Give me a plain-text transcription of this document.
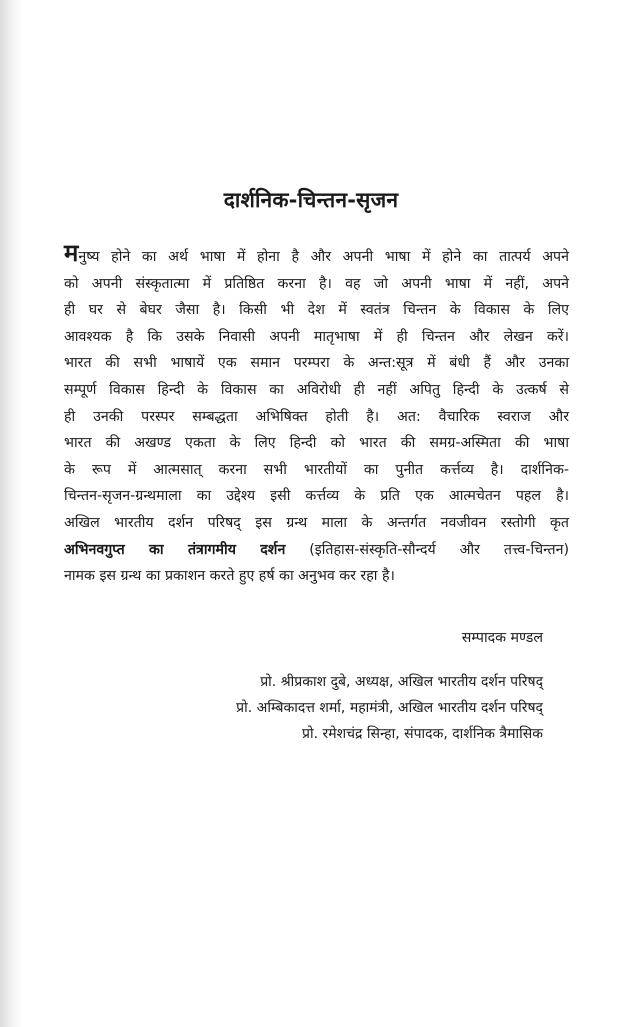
दार्शनिक-चिन्तन-सृजन
मनुष्य होने का अर्थ भाषा में होना है और अपनी भाषा में होने का तात्पर्य अपने
को अपनी संस्कृतात्मा में प्रतिष्ठित करना है। वह जो अपनी भाषा में नहीं, अपने
ही घर से बेघर जैसा है। किसी भी देश में स्वतंत्र चिन्तन के विकास के लिए
आवश्यक है कि उसके निवासी अपनी मातृभाषा में ही चिन्तन और लेखन करें।
भारत की सभी भाषायें एक समान परम्परा के अन्त:सूत्र में बंधी हैं और उनका
सम्पूर्ण विकास हिन्दी के विकास का अविरोधी ही नहीं अपितु हिन्दी के उत्कर्ष से
ही उनकी परस्पर सम्बद्धता अभिषिक्त होती है। अत: वैचारिक स्वराज और
भारत की अखण्ड एकता के लिए हिन्दी को भारत की समग्र-अस्मिता की भाषा
के रूप में आत्मसात् करना सभी भारतीयों का पुनीत कर्त्तव्य है। दार्शनिक-
चिन्तन-सृजन-ग्रन्थमाला का उद्देश्य इसी कर्त्तव्य के प्रति एक आत्मचेतन पहल है।
अखिल भारतीय दर्शन परिषद् इस ग्रन्थ माला के अन्तर्गत नवजीवन रस्तोगी कृत
अभिनवगुप्त का तंत्रागमीय दर्शन (इतिहास-संस्कृति-सौन्दर्य और तत्त्व-चिन्तन)
नामक इस ग्रन्थ का प्रकाशन करते हुए हर्ष का अनुभव कर रहा है।
सम्पादक मण्डल
प्रो. श्रीप्रकाश दुबे, अध्यक्ष, अखिल भारतीय दर्शन परिषद्
प्रो. अम्बिकादत्त शर्मा, महामंत्री, अखिल भारतीय दर्शन परिषद्
प्रो. रमेशचंद्र सिन्हा, संपादक, दार्शनिक त्रैमासिक
